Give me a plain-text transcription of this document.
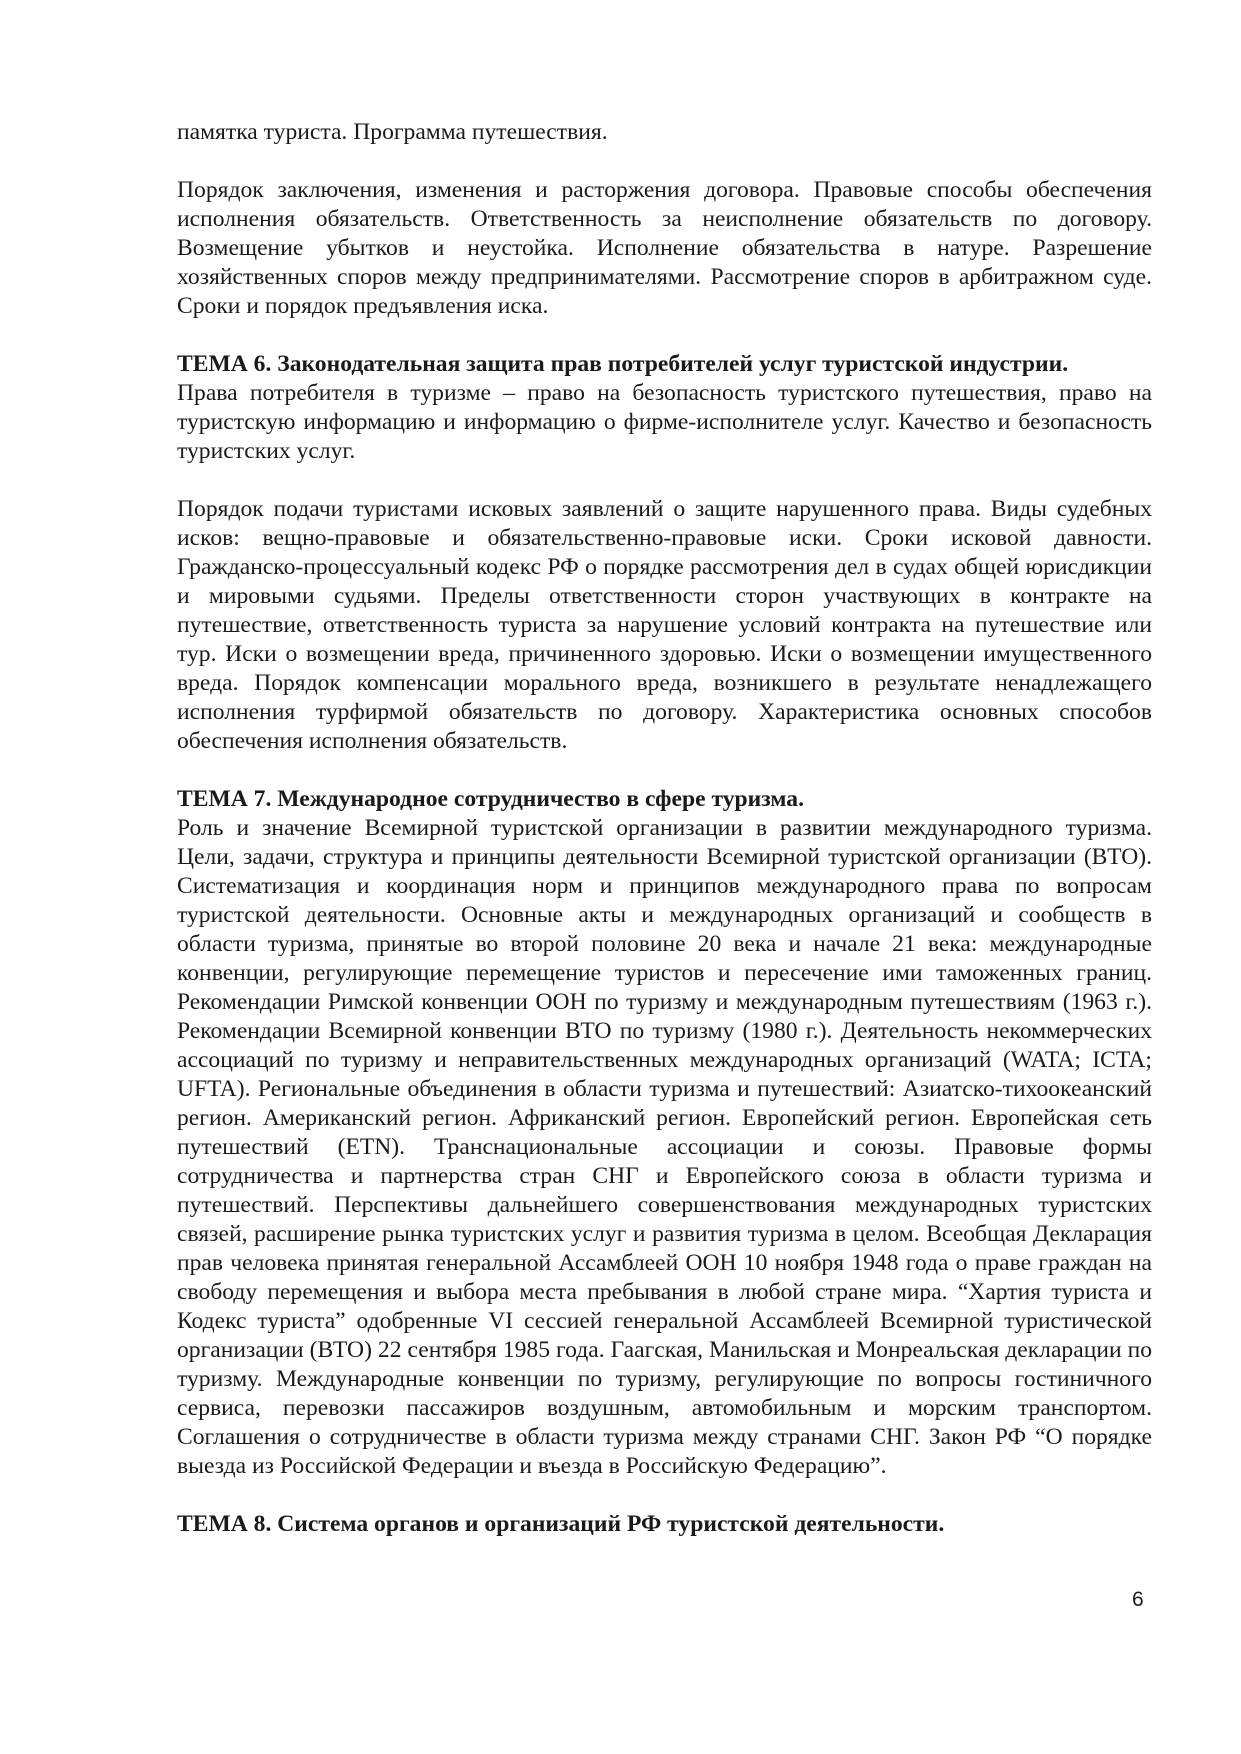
памятка туриста. Программа путешествия.

Порядок заключения, изменения и расторжения договора. Правовые способы обеспечения исполнения обязательств. Ответственность за неисполнение обязательств по договору. Возмещение убытков и неустойка. Исполнение обязательства в натуре. Разрешение хозяйственных споров между предпринимателями. Рассмотрение споров в арбитражном суде. Сроки и порядок предъявления иска.

ТЕМА 6. Законодательная защита прав потребителей услуг туристской индустрии.

Права потребителя в туризме – право на безопасность туристского путешествия, право на туристскую информацию и информацию о фирме-исполнителе услуг. Качество и безопасность туристских услуг.

Порядок подачи туристами исковых заявлений о защите нарушенного права. Виды судебных исков: вещно-правовые и обязательственно-правовые иски. Сроки исковой давности. Гражданско-процессуальный кодекс РФ о порядке рассмотрения дел в судах общей юрисдикции и мировыми судьями. Пределы ответственности сторон участвующих в контракте на путешествие, ответственность туриста за нарушение условий контракта на путешествие или тур. Иски о возмещении вреда, причиненного здоровью. Иски о возмещении имущественного вреда. Порядок компенсации морального вреда, возникшего в результате ненадлежащего исполнения турфирмой обязательств по договору. Характеристика основных способов обеспечения исполнения обязательств.

ТЕМА 7. Международное сотрудничество в сфере туризма.

Роль и значение Всемирной туристской организации в развитии международного туризма. Цели, задачи, структура и принципы деятельности Всемирной туристской организации (ВТО). Систематизация и координация норм и принципов международного права по вопросам туристской деятельности. Основные акты и международных организаций и сообществ в области туризма, принятые во второй половине 20 века и начале 21 века: международные конвенции, регулирующие перемещение туристов и пересечение ими таможенных границ. Рекомендации Римской конвенции ООН по туризму и международным путешествиям (1963 г.). Рекомендации Всемирной конвенции ВТО по туризму (1980 г.). Деятельность некоммерческих ассоциаций по туризму и неправительственных международных организаций (WATA; ICTA; UFTA). Региональные объединения в области туризма и путешествий: Азиатско-тихоокеанский регион. Американский регион. Африканский регион. Европейский регион. Европейская сеть путешествий (ETN). Транснациональные ассоциации и союзы. Правовые формы сотрудничества и партнерства стран СНГ и Европейского союза в области туризма и путешествий. Перспективы дальнейшего совершенствования международных туристских связей, расширение рынка туристских услуг и развития туризма в целом. Всеобщая Декларация прав человека принятая генеральной Ассамблеей ООН 10 ноября 1948 года о праве граждан на свободу перемещения и выбора места пребывания в любой стране мира. “Хартия туриста и Кодекс туриста” одобренные VI сессией генеральной Ассамблеей Всемирной туристической организации (ВТО) 22 сентября 1985 года. Гаагская, Манильская и Монреальская декларации по туризму. Международные конвенции по туризму, регулирующие по вопросы гостиничного сервиса, перевозки пассажиров воздушным, автомобильным и морским транспортом. Соглашения о сотрудничестве в области туризма между странами СНГ. Закон РФ “О порядке выезда из Российской Федерации и въезда в Российскую Федерацию”.

ТЕМА 8. Система органов и организаций РФ туристской деятельности.
6
